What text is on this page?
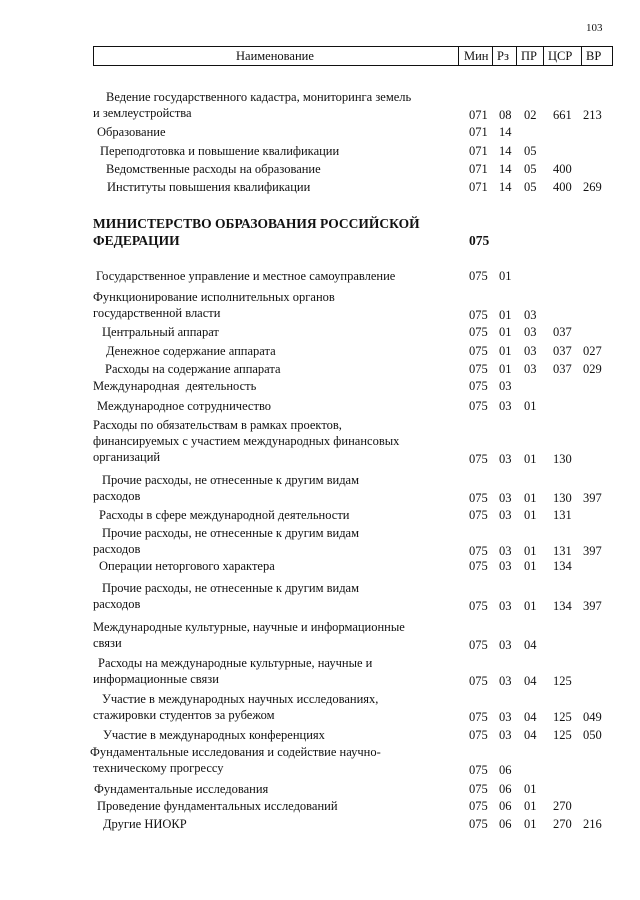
103
Наименование	Мин Рз ПР ЦСР ВР
Ведение государственного кадастра, мониторинга земель
и землеустройства	071 08 02 661 213
Образование	071 14
Переподготовка и повышение квалификации	071 14 05
Ведомственные расходы на образование	071 14 05 400
Институты повышения квалификации	071 14 05 400 269
МИНИСТЕРСТВО ОБРАЗОВАНИЯ РОССИЙСКОЙ
ФЕДЕРАЦИИ	075
Государственное управление и местное самоуправление	075 01
Функционирование исполнительных органов
государственной власти	075 01 03
Центральный аппарат	075 01 03 037
Денежное содержание аппарата	075 01 03 037 027
Расходы на содержание аппарата	075 01 03 037 029
Международная  деятельность	075 03
Международное сотрудничество	075 03 01
Расходы по обязательствам в рамках проектов,
финансируемых с участием международных финансовых
организаций	075 03 01 130
Прочие расходы, не отнесенные к другим видам
расходов	075 03 01 130 397
Расходы в сфере международной деятельности	075 03 01 131
Прочие расходы, не отнесенные к другим видам
расходов	075 03 01 131 397
Операции неторгового характера	075 03 01 134
Прочие расходы, не отнесенные к другим видам
расходов	075 03 01 134 397
Международные культурные, научные и информационные
связи	075 03 04
Расходы на международные культурные, научные и
информационные связи	075 03 04 125
Участие в международных научных исследованиях,
стажировки студентов за рубежом	075 03 04 125 049
Участие в международных конференциях	075 03 04 125 050
Фундаментальные исследования и содействие научно-
техническому прогрессу	075 06
Фундаментальные исследования	075 06 01
Проведение фундаментальных исследований	075 06 01 270
Другие НИОКР	075 06 01 270 216
